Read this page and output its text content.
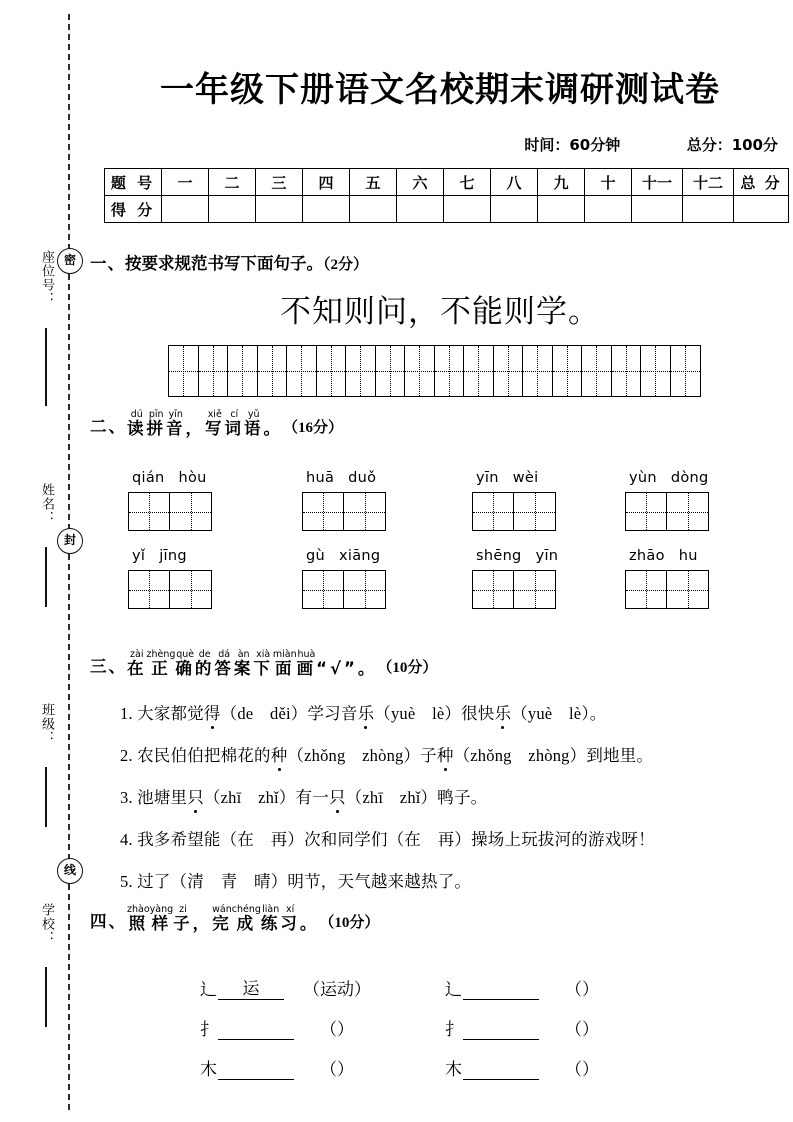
密
封
线
座位号：
姓名：
班级：
学校：
一年级下册语文名校期末调研测试卷
时间：60分钟	总分：100分
题 号	一	二	三	四	五	六	七	八	九	十	十一	十二	总 分
得 分													
一、按要求规范书写下面句子。（2分）
不知则问，不能则学。
二、
dú
读
pīn
拼
yīn
音
，
xiě
写
cí
词
yǔ
语
。 （16分）
qián hòu	huā duǒ	yīn wèi	yùn dòng
yǐ jīng	gù xiāng	shēng yīn	zhāo hu
三、
zài
在
zhèng
正
què
确
de
的
dá
答
àn
案
xià
下
miàn
面
huà
画
“√”
。 （10分）
1. 大家都觉得（de　děi）学习音乐（yuè　lè）很快乐（yuè　lè）。
2. 农民伯伯把棉花的种（zhǒng　zhòng）子种（zhǒng　zhòng）到地里。
3. 池塘里只（zhī　zhǐ）有一只（zhī　zhǐ）鸭子。
4. 我多希望能（在　再）次和同学们（在　再）操场上玩拔河的游戏呀！
5. 过了（清　青　晴）明节，天气越来越热了。
四、
zhào
照
yàng
样
zi
子
，
wán
完
chéng
成
liàn
练
xí
习
。 （10分）
辶 运	（运动）	辶	（）
扌	（）	扌	（）
木	（）	木	（）
